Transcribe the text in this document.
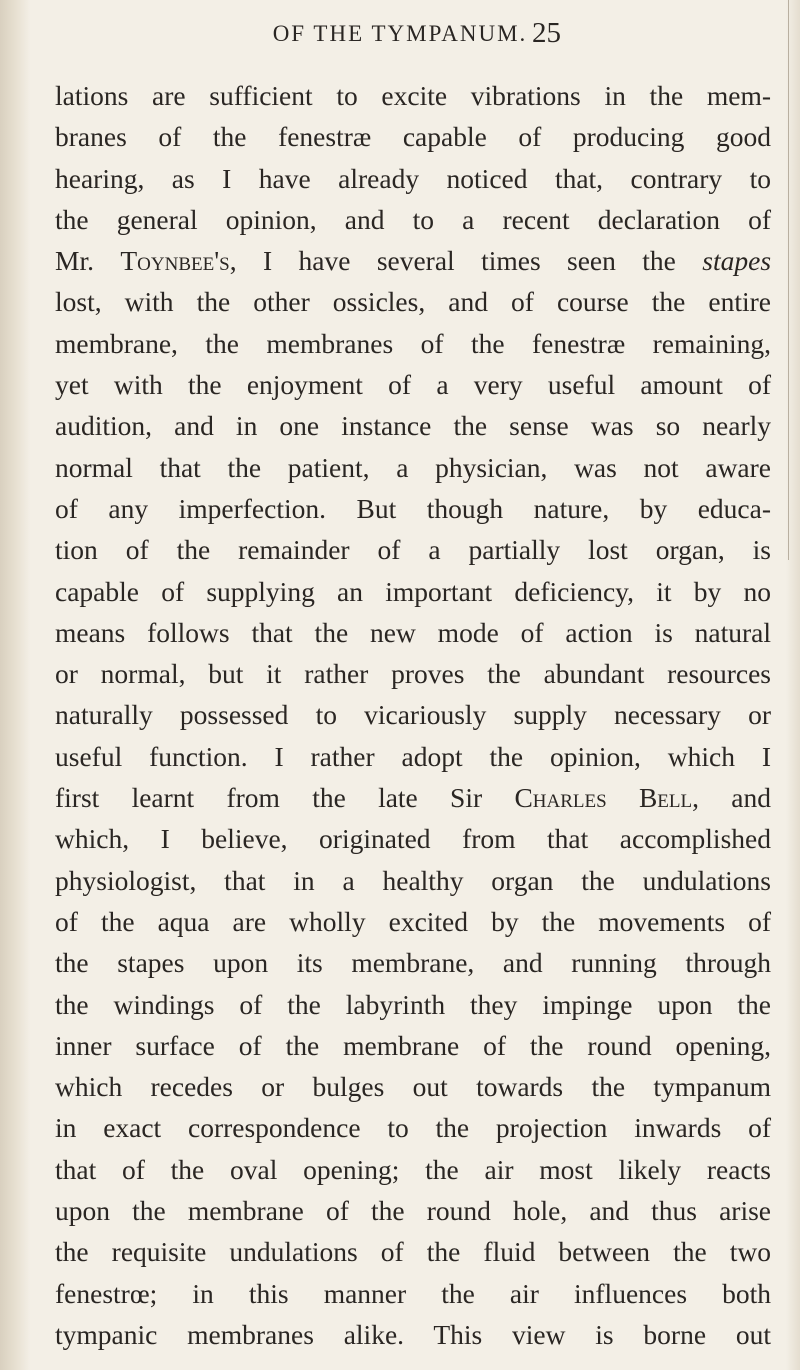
OF THE TYMPANUM. 25
lations are sufficient to excite vibrations in the mem-
branes of the fenestræ capable of producing good
hearing, as I have already noticed that, contrary to
the general opinion, and to a recent declaration of
Mr. Toynbee's, I have several times seen the stapes
lost, with the other ossicles, and of course the entire
membrane, the membranes of the fenestræ remaining,
yet with the enjoyment of a very useful amount of
audition, and in one instance the sense was so nearly
normal that the patient, a physician, was not aware
of any imperfection. But though nature, by educa-
tion of the remainder of a partially lost organ, is
capable of supplying an important deficiency, it by no
means follows that the new mode of action is natural
or normal, but it rather proves the abundant resources
naturally possessed to vicariously supply necessary or
useful function. I rather adopt the opinion, which I
first learnt from the late Sir Charles Bell, and
which, I believe, originated from that accomplished
physiologist, that in a healthy organ the undulations
of the aqua are wholly excited by the movements of
the stapes upon its membrane, and running through
the windings of the labyrinth they impinge upon the
inner surface of the membrane of the round opening,
which recedes or bulges out towards the tympanum
in exact correspondence to the projection inwards of
that of the oval opening; the air most likely reacts
upon the membrane of the round hole, and thus arise
the requisite undulations of the fluid between the two
fenestrœ; in this manner the air influences both
tympanic membranes alike. This view is borne out
